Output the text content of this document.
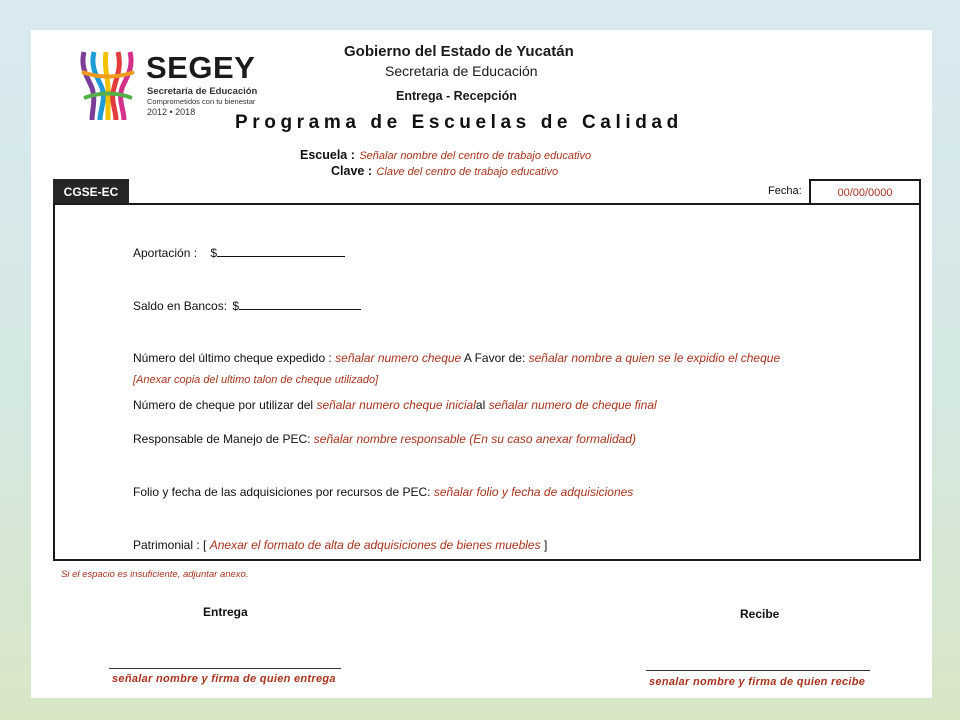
SEGEY
Secretaría de Educación
Comprometidos con tu bienestar
2012 • 2018
Gobierno del Estado de Yucatán
Secretaria de Educación
Entrega - Recepción
Programa de Escuelas de Calidad
Escuela : Señalar nombre del centro de trabajo educativo
Clave : Clave del centro de trabajo educativo
CGSE-EC	Fecha:	00/00/0000
Aportación : $
Saldo en Bancos: $
Número del último cheque expedido : señalar numero cheque A Favor de: señalar nombre a quien se le expidio el cheque
[Anexar copia del ultimo talon de cheque utilizado]
Número de cheque por utilizar del señalar numero cheque inicialal señalar numero de cheque final
Responsable de Manejo de PEC: señalar nombre responsable (En su caso anexar formalidad)
Folio y fecha de las adquisiciones por recursos de PEC: señalar folio y fecha de adquisiciones
Patrimonial : [ Anexar el formato de alta de adquisiciones de bienes muebles ]
Si el espacio es insuficiente, adjuntar anexo.
Entrega	Recibe
señalar nombre y firma de quien entrega	senalar nombre y firma de quien recibe
